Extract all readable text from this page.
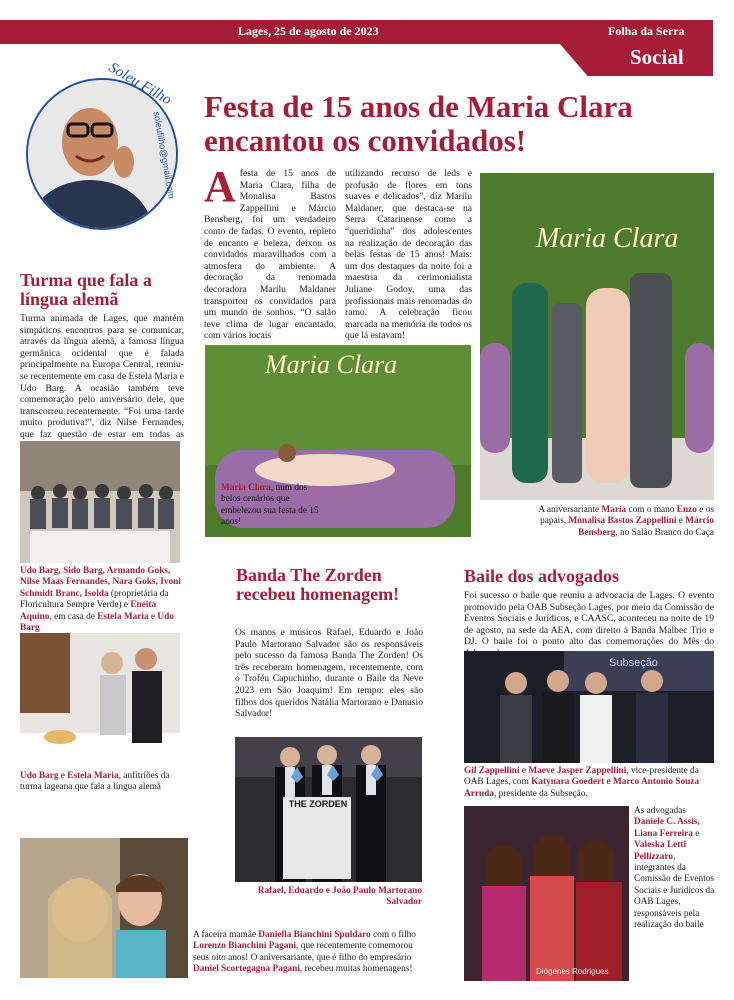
Lages, 25 de agosto de 2023	Folha da Serra 9
Social
Soleu Filho
soleufilho@gmail.com
Festa de 15 anos de Maria Clara encantou os convidados!
A festa de 15 anos de Maria Clara, filha de Monalisa Bastos Zappellini e Márcio Bensberg, foi um verdadeiro conto de fadas. O evento, repleto de encanto e beleza, deixou os convidados maravilhados com a atmosfera do ambiente. A decoração da renomada decoradora Marilu Maldaner transportou os convidados para um mundo de sonhos. “O salão teve clima de lugar encantado, com vários locais
utilizando recurso de leds e profusão de flores em tons suaves e delicados”, diz Marilu Maldaner, que destaca-se na Serra Catarinense como a “queridinha” dos adolescentes na realização de decoração das belas festas de 15 anos! Mais: um dos destaques da noite foi a maestria da cerimonialista Juliane Godoy, uma das profissionais mais renomadas do ramo. A celebração ficou marcada na memória de todos os que lá estavam!
Maria Clara
Maria Clara, num dos belos cenários que embelezou sua festa de 15 anos!
Maria Clara
A aniversariante Maria com o mano Enzo e os papais, Monalisa Bastos Zappellini e Márcio Bensberg, no Salão Branco do Caça
Turma que fala a língua alemã
Turma animada de Lages, que mantém simpáticos encontros para se comunicar, através da língua alemã, a famosa língua germânica ocidental que é falada principalmente na Europa Central, reuniu-se recentemente em casa de Estela Maria e Udo Barg. A ocasião também teve comemoração pelo aniversário dele, que transcorreu recentemente. “Foi uma tarde muito produtiva!”, diz Nilse Fernandes, que faz questão de estar em todas as
Udo Barg, Sido Barg, Armando Goks, Nilse Maas Fernandes, Nara Goks, Ivoni Schmidt Branc, Isolda (proprietária da Floricultura Sempre Verde) e Eneita Aquino, em casa de Estela Maria e Udo Barg
Udo Barg e Estela Maria, anfitriões da turma lageana que fala a língua alemã
A faceira mamãe Daniella Bianchini Spuldaro com o filho Lorenzo Bianchini Pagani, que recentemente comemorou seus oito anos! O aniversariante, que é filho do empresário Daniel Scortegagna Pagani, recebeu muitas homenagens!
Banda The Zorden recebeu homenagem!
Os manos e músicos Rafael, Eduardo e João Paulo Martorano Salvador são os responsáveis pelo sucesso da famosa Banda The Zorden! Os três receberam homenagem, recentemente, com o Troféu Capuchinho, durante o Baile da Neve 2023 em São Joaquim! Em tempo: eles são filhos dos queridos Natália Martorano e Danusio Salvador!
THE ZORDEN
Rafael, Eduardo e João Paulo Martorano Salvador
Baile dos advogados
Foi sucesso o baile que reuniu a advocacia de Lages. O evento promovido pela OAB Subseção Lages, por meio da Comissão de Eventos Sociais e Jurídicos, e CAASC, aconteceu na noite de 19 de agosto, na sede da AEA, com direito à Banda Malbec Trio e DJ. O baile foi o ponto alto das comemorações do Mês do
Subseção
Gil Zappellini e Maeve Jasper Zappellini, vice-presidente da OAB Lages, com Katynara Goedert e Marco Antonio Souza Arruda, presidente da Subseção.
Diógenes Rodrigues
As advogadas Daniele C. Assis, Liana Ferreira e Valeska Letti Pellizzaro, integrantes da Comissão de Eventos Sociais e Jurídicos da OAB Lages, responsáveis pela realização do baile
